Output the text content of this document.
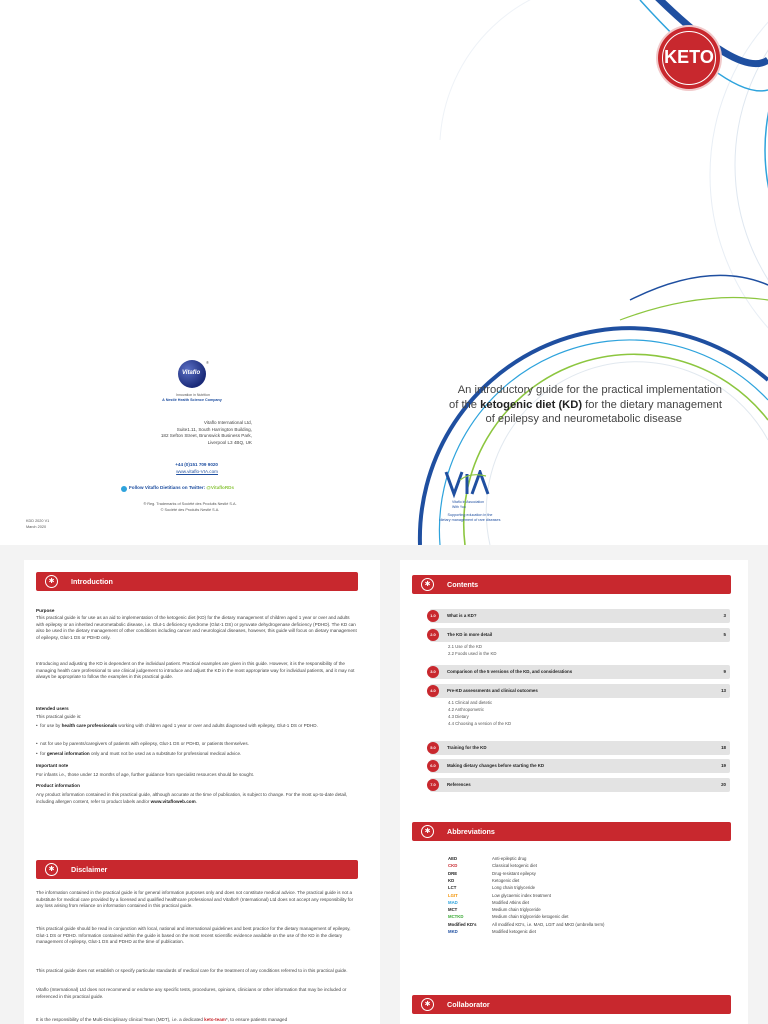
KETO
Vitaflo
®
Innovation in Nutrition
A Nestlé Health Science Company
Vitaflo International Ltd,
Suite1.11, South Harrington Building,
182 Sefton Street, Brunswick Business Park,
Liverpool L3 4BQ, UK
+44 (0)151 709 9020
www.vitaflo-VIA.com
Follow Vitaflo Dietitians on Twitter: @VitafloRDs
® Reg. Trademarks of Société des Produits Nestlé S.A.
© Société des Produits Nestlé S.A.
KDD 2020 V1
March 2020
An introductory guide for the practical implementation
of the ketogenic diet (KD) for the dietary management
of epilepsy and neurometabolic disease
Vitaflo in Association
With You
Supporting education in the
dietary management of rare diseases
✱	Introduction
Purpose
This practical guide is for use as an aid to implementation of the ketogenic diet (KD) for the dietary management of children aged 1 year or over and adults with epilepsy or an inherited neurometabolic disease, i.e. Glut-1 deficiency syndrome (Glut-1 DS) or pyruvate dehydrogenase deficiency (PDHD). The KD can also be used in the dietary management of other conditions including cancer and neurological diseases, however, this guide will focus on dietary management of epilepsy, Glut-1 DS or PDHD only.
Introducing and adjusting the KD is dependent on the individual patient. Practical examples are given in this guide. However, it is the responsibility of the managing health care professional to use clinical judgement to introduce and adjust the KD in the most appropriate way for individual patients, and it may not always be appropriate to follow the examples in this practical guide.
Intended users
This practical guide is:
•  for use by health care professionals working with children aged 1 year or over and adults diagnosed with epilepsy, Glut-1 DS or PDHD.
•  not for use by parents/caregivers of patients with epilepsy, Glut-1 DS or PDHD, or patients themselves.
•  for general information only and must not be used as a substitute for professional medical advice.
Important note
For infants i.e., those under 12 months of age, further guidance from specialist resources should be sought.
Product information
Any product information contained in this practical guide, although accurate at the time of publication, is subject to change. For the most up-to-date detail, including allergen content, refer to product labels and/or www.vitafloweb.com.
✱	Disclaimer
The information contained in the practical guide is for general information purposes only and does not constitute medical advice. The practical guide is not a substitute for medical care provided by a licensed and qualified healthcare professional and Vitaflo® (International) Ltd does not accept any responsibility for any loss arising from reliance on information contained in this practical guide.
This practical guide should be read in conjunction with local, national and international guidelines and best practice for the dietary management of epilepsy, Glut-1 DS or PDHD. Information contained within the guide is based on the most recent scientific evidence available on the use of the KD in the dietary management of epilepsy, Glut-1 DS and PDHD at the time of publication.
This practical guide does not establish or specify particular standards of medical care for the treatment of any conditions referred to in this practical guide.
Vitaflo (International) Ltd does not recommend or endorse any specific tests, procedures, opinions, clinicians or other information that may be included or referenced in this practical guide.
It is the responsibility of the Multi-Disciplinary clinical Team (MDT), i.e. a dedicated keto-team*, to ensure patients managed
✱	Contents
1.0	What is a KD?	3
2.0	The KD in more detail	5
2.1 Use of the KD
2.2 Foods used in the KD
3.0	Comparison of the 5 versions of the KD, and considerations	9
4.0	Pre-KD assessments and clinical outcomes	13
4.1 Clinical and dietetic
4.2 Anthropometric
4.3 Dietary
4.4 Choosing a version of the KD
5.0	Training for the KD	18
6.0	Making dietary changes before starting the KD	19
7.0	References	20
✱	Abbreviations
AED	Anti-epileptic drug
CKD	Classical ketogenic diet
DRE	Drug-resistant epilepsy
KD	Ketogenic diet
LCT	Long chain triglyceride
LGIT	Low glycaemic index treatment
MAD	Modified Atkins diet
MCT	Medium chain triglyceride
MCTKD	Medium chain triglyceride ketogenic diet
Modified KD's	All modified KD's, i.e. MAD, LGIT and MKD (umbrella term)
MKD	Modified ketogenic diet
✱	Collaborator
